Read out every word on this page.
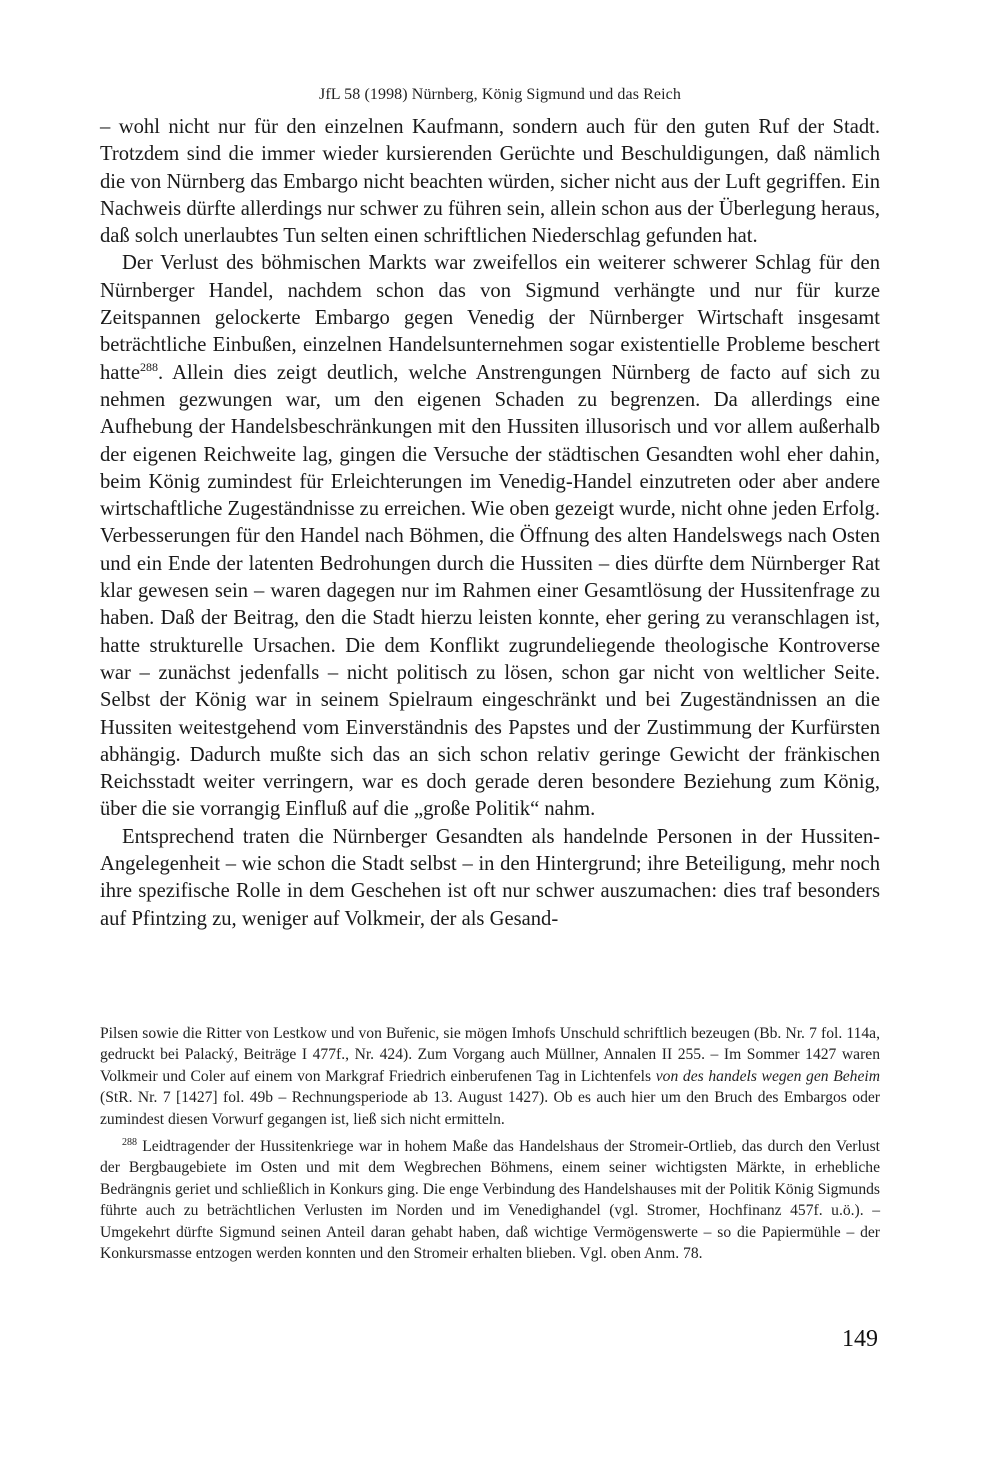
JfL 58 (1998) Nürnberg, König Sigmund und das Reich

– wohl nicht nur für den einzelnen Kaufmann, sondern auch für den guten Ruf der Stadt. Trotzdem sind die immer wieder kursierenden Gerüchte und Beschuldigungen, daß nämlich die von Nürnberg das Embargo nicht beachten würden, sicher nicht aus der Luft gegriffen. Ein Nachweis dürfte allerdings nur schwer zu führen sein, allein schon aus der Überlegung heraus, daß solch unerlaubtes Tun selten einen schriftlichen Niederschlag gefunden hat.

Der Verlust des böhmischen Markts war zweifellos ein weiterer schwerer Schlag für den Nürnberger Handel, nachdem schon das von Sigmund verhängte und nur für kurze Zeitspannen gelockerte Embargo gegen Venedig der Nürnberger Wirtschaft insgesamt beträchtliche Einbußen, einzelnen Handelsunternehmen sogar existentielle Probleme beschert hatte$^{288}$. Allein dies zeigt deutlich, welche Anstrengungen Nürnberg de facto auf sich zu nehmen gezwungen war, um den eigenen Schaden zu begrenzen. Da allerdings eine Aufhebung der Handelsbeschränkungen mit den Hussiten illusorisch und vor allem außerhalb der eigenen Reichweite lag, gingen die Versuche der städtischen Gesandten wohl eher dahin, beim König zumindest für Erleichterungen im Venedig-Handel einzutreten oder aber andere wirtschaftliche Zugeständnisse zu erreichen. Wie oben gezeigt wurde, nicht ohne jeden Erfolg. Verbesserungen für den Handel nach Böhmen, die Öffnung des alten Handelswegs nach Osten und ein Ende der latenten Bedrohungen durch die Hussiten – dies dürfte dem Nürnberger Rat klar gewesen sein – waren dagegen nur im Rahmen einer Gesamtlösung der Hussitenfrage zu haben. Daß der Beitrag, den die Stadt hierzu leisten konnte, eher gering zu veranschlagen ist, hatte strukturelle Ursachen. Die dem Konflikt zugrundeliegende theologische Kontroverse war – zunächst jedenfalls – nicht politisch zu lösen, schon gar nicht von weltlicher Seite. Selbst der König war in seinem Spielraum eingeschränkt und bei Zugeständnissen an die Hussiten weitestgehend vom Einverständnis des Papstes und der Zustimmung der Kurfürsten abhängig. Dadurch mußte sich das an sich schon relativ geringe Gewicht der fränkischen Reichsstadt weiter verringern, war es doch gerade deren besondere Beziehung zum König, über die sie vorrangig Einfluß auf die „große Politik“ nahm.

Entsprechend traten die Nürnberger Gesandten als handelnde Personen in der Hussiten-Angelegenheit – wie schon die Stadt selbst – in den Hintergrund; ihre Beteiligung, mehr noch ihre spezifische Rolle in dem Geschehen ist oft nur schwer auszumachen: dies traf besonders auf Pfintzing zu, weniger auf Volkmeir, der als Gesand-

Pilsen sowie die Ritter von Lestkow und von Buřenic, sie mögen Imhofs Unschuld schriftlich bezeugen (Bb. Nr. 7 fol. 114a, gedruckt bei Palacký, Beiträge I 477f., Nr. 424). Zum Vorgang auch Müllner, Annalen II 255. – Im Sommer 1427 waren Volkmeir und Coler auf einem von Markgraf Friedrich einberufenen Tag in Lichtenfels von des handels wegen gen Beheim (StR. Nr. 7 [1427] fol. 49b – Rechnungsperiode ab 13. August 1427). Ob es auch hier um den Bruch des Embargos oder zumindest diesen Vorwurf gegangen ist, ließ sich nicht ermitteln.

$^{288}$ Leidtragender der Hussitenkriege war in hohem Maße das Handelshaus der Stromeir-Ortlieb, das durch den Verlust der Bergbaugebiete im Osten und mit dem Wegbrechen Böhmens, einem seiner wichtigsten Märkte, in erhebliche Bedrängnis geriet und schließlich in Konkurs ging. Die enge Verbindung des Handelshauses mit der Politik König Sigmunds führte auch zu beträchtlichen Verlusten im Norden und im Venedighandel (vgl. Stromer, Hochfinanz 457f. u.ö.). – Umgekehrt dürfte Sigmund seinen Anteil daran gehabt haben, daß wichtige Vermögenswerte – so die Papiermühle – der Konkursmasse entzogen werden konnten und den Stromeir erhalten blieben. Vgl. oben Anm. 78.

149
